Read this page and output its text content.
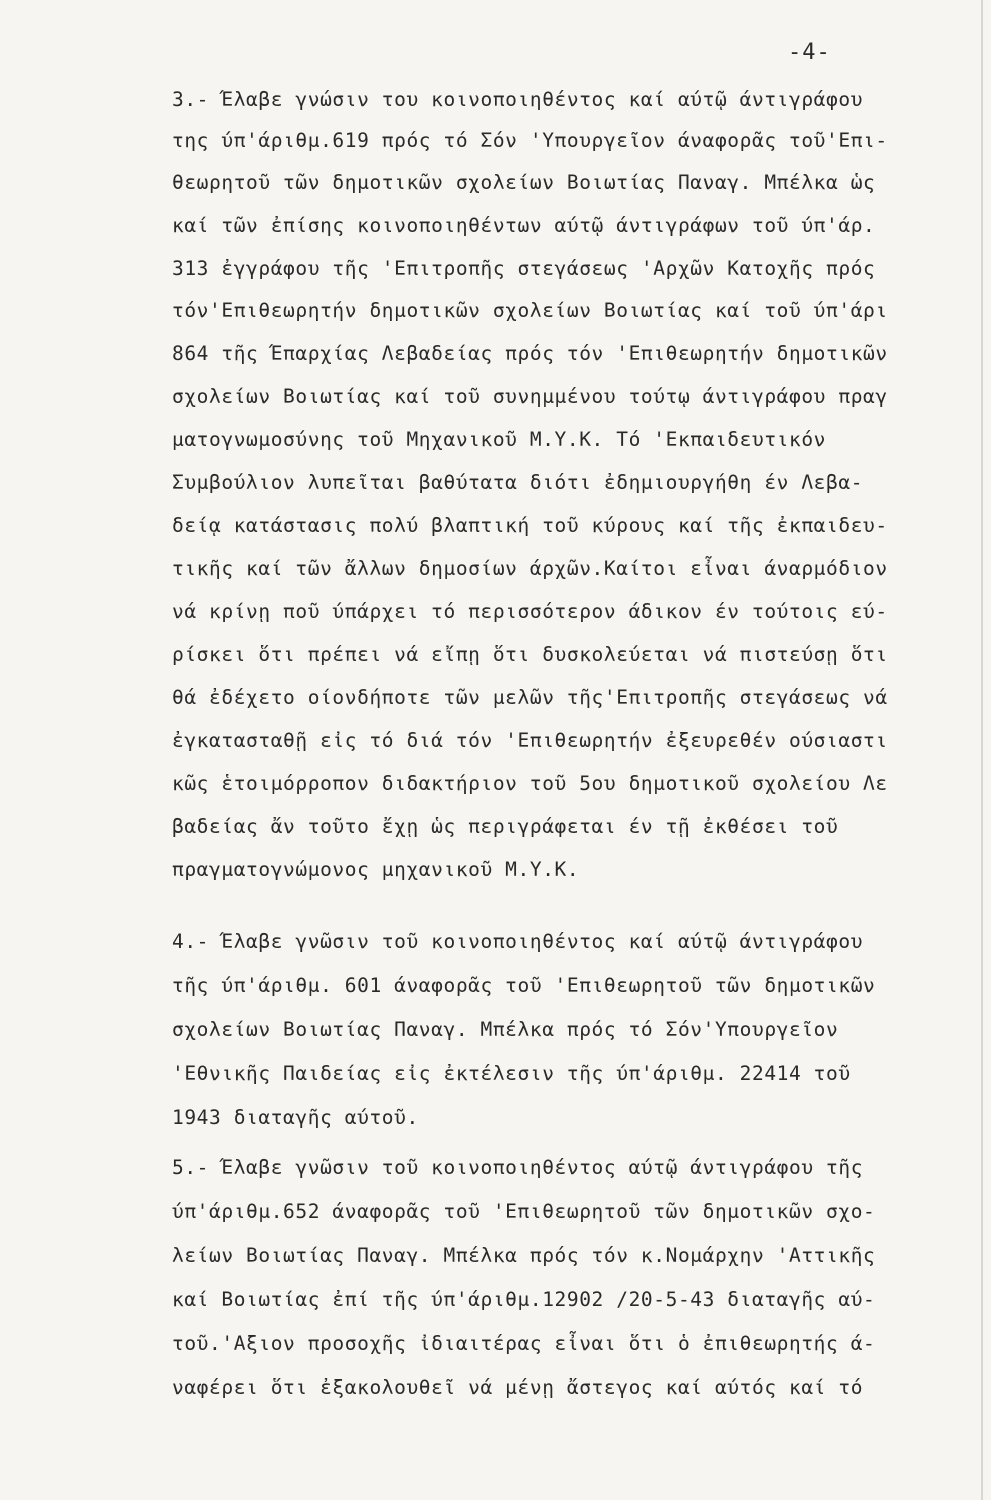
-4-
3.- Έλαβε γνώσιν του κοινοποιηθέντος καί αύτῷ άντιγράφου
της ύπ'άριθμ.619 πρός τό Σόν 'Υπουργεῖον άναφορᾶς τοῦ'Επι-
θεωρητοῦ τῶν δημοτικῶν σχολείων Βοιωτίας Παναγ. Μπέλκα ὡς
καί τῶν ἐπίσης κοινοποιηθέντων αύτῷ άντιγράφων τοῦ ύπ'άρ.
313 ἐγγράφου τῆς 'Επιτροπῆς στεγάσεως 'Αρχῶν Κατοχῆς πρός
τόν'Επιθεωρητήν δημοτικῶν σχολείων Βοιωτίας καί τοῦ ύπ'άρι
864 τῆς Έπαρχίας Λεβαδείας πρός τόν 'Επιθεωρητήν δημοτικῶν
σχολείων Βοιωτίας καί τοῦ συνημμένου τούτῳ άντιγράφου πραγ
ματογνωμοσύνης τοῦ Μηχανικοῦ Μ.Υ.Κ. Τό 'Εκπαιδευτικόν
Συμβούλιον λυπεῖται βαθύτατα διότι ἐδημιουργήθη έν Λεβα-
δείᾳ κατάστασις πολύ βλαπτική τοῦ κύρους καί τῆς ἐκπαιδευ-
τικῆς καί τῶν ἄλλων δημοσίων άρχῶν.Καίτοι εἶναι άναρμόδιον
νά κρίνῃ ποῦ ύπάρχει τό περισσότερον άδικον έν τούτοις εύ-
ρίσκει ὅτι πρέπει νά εἴπῃ ὅτι δυσκολεύεται νά πιστεύσῃ ὅτι
θά ἐδέχετο οίονδήποτε τῶν μελῶν τῆς'Επιτροπῆς στεγάσεως νά
ἐγκατασταθῇ εἰς τό διά τόν 'Επιθεωρητήν ἐξευρεθέν ούσιαστι
κῶς ἑτοιμόρροπον διδακτήριον τοῦ 5ου δημοτικοῦ σχολείου Λε
βαδείας ἄν τοῦτο ἔχῃ ὡς περιγράφεται έν τῇ ἐκθέσει τοῦ
πραγματογνώμονος μηχανικοῦ Μ.Υ.Κ.
4.- Έλαβε γνῶσιν τοῦ κοινοποιηθέντος καί αύτῷ άντιγράφου
τῆς ύπ'άριθμ. 601 άναφορᾶς τοῦ 'Επιθεωρητοῦ τῶν δημοτικῶν
σχολείων Βοιωτίας Παναγ. Μπέλκα πρός τό Σόν'Υπουργεῖον
'Εθνικῆς Παιδείας εἰς ἐκτέλεσιν τῆς ύπ'άριθμ. 22414 τοῦ
1943 διαταγῆς αύτοῦ.
5.- Έλαβε γνῶσιν τοῦ κοινοποιηθέντος αύτῷ άντιγράφου τῆς
ύπ'άριθμ.652 άναφορᾶς τοῦ 'Επιθεωρητοῦ τῶν δημοτικῶν σχο-
λείων Βοιωτίας Παναγ. Μπέλκα πρός τόν κ.Νομάρχην 'Αττικῆς
καί Βοιωτίας ἐπί τῆς ύπ'άριθμ.12902 /20-5-43 διαταγῆς αύ-
τοῦ.'Αξιον προσοχῆς ἰδιαιτέρας εἶναι ὅτι ὁ ἐπιθεωρητής ά-
ναφέρει ὅτι ἐξακολουθεῖ νά μένῃ ἄστεγος καί αύτός καί τό
